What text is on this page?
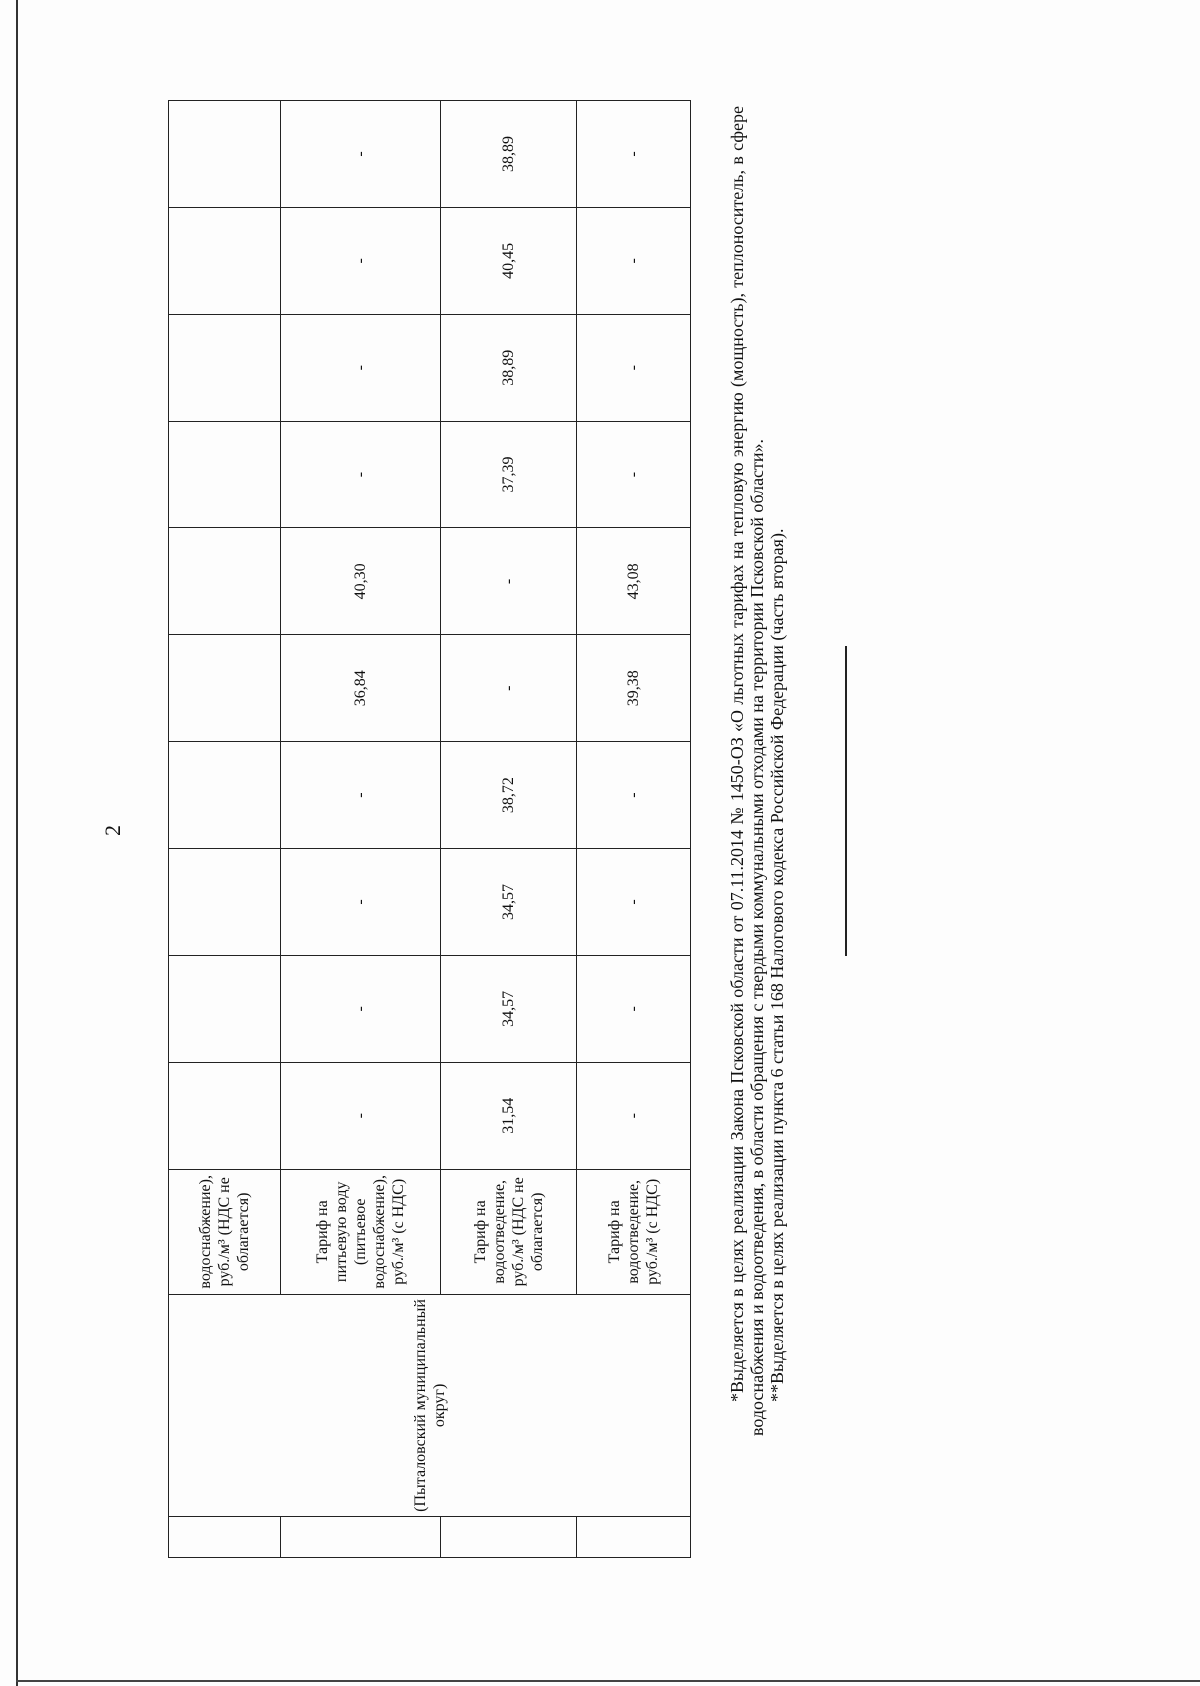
2
	(Пыталовский муниципальный округ)	водоснабжение), руб./м³ (НДС не облагается)										
		Тариф на питьевую воду (питьевое водоснабжение), руб./м³ (с НДС)	-	-	-	-	36,84	40,30	-	-	-	-
		Тариф на водоотведение, руб./м³ (НДС не облагается)	31,54	34,57	34,57	38,72	-	-	37,39	38,89	40,45	38,89
		Тариф на водоотведение, руб./м³ (с НДС)	-	-	-	-	39,38	43,08	-	-	-	-	*Выделяется в целях реализации Закона Псковской области от 07.11.2014 № 1450-ОЗ «О льготных тарифах на тепловую энергию (мощность), теплоноситель, в сфере водоснабжения и водоотведения, в области обращения с твердыми коммунальными отходами на территории Псковской области». **Выделяется в целях реализации пункта 6 статьи 168 Налогового кодекса Российской Федерации (часть вторая).
